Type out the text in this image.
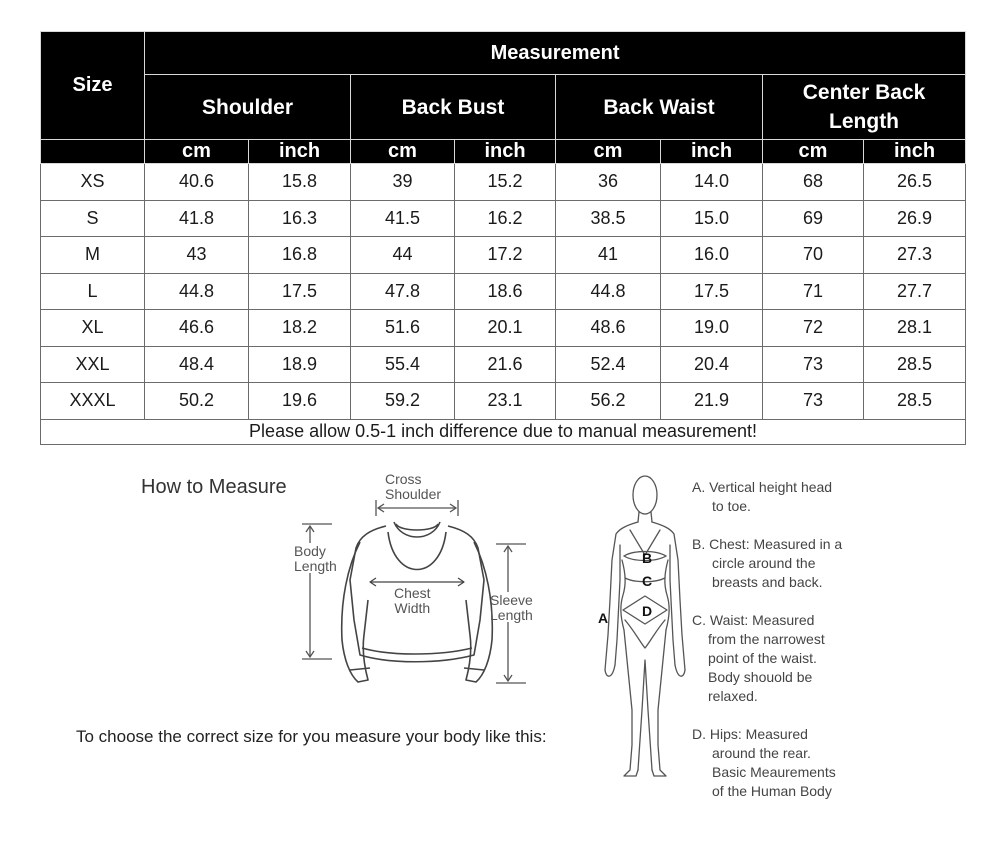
Size	Measurement							
	Shoulder		Back Bust		Back Waist		Center Back Length	
	cm	inch	cm	inch	cm	inch	cm	inch
XS	40.6	15.8	39	15.2	36	14.0	68	26.5
S	41.8	16.3	41.5	16.2	38.5	15.0	69	26.9
M	43	16.8	44	17.2	41	16.0	70	27.3
L	44.8	17.5	47.8	18.6	44.8	17.5	71	27.7
XL	46.6	18.2	51.6	20.1	48.6	19.0	72	28.1
XXL	48.4	18.9	55.4	21.6	52.4	20.4	73	28.5
XXXL	50.2	19.6	59.2	23.1	56.2	21.9	73	28.5
Please allow 0.5-1 inch difference due to manual measurement!								
How to Measure	Cross
Shoulder
Body
Length
Chest
Width	Sleeve
Length
To choose the correct size for you measure your body like this:
A
B
C
D
A. Vertical height head
to toe.
B. Chest: Measured in a
circle around the
breasts and back.
C. Waist: Measured
from the narrowest
point of the waist.
Body shouold be
relaxed.
D. Hips: Measured
around the rear.
Basic Meaurements
of the Human Body
